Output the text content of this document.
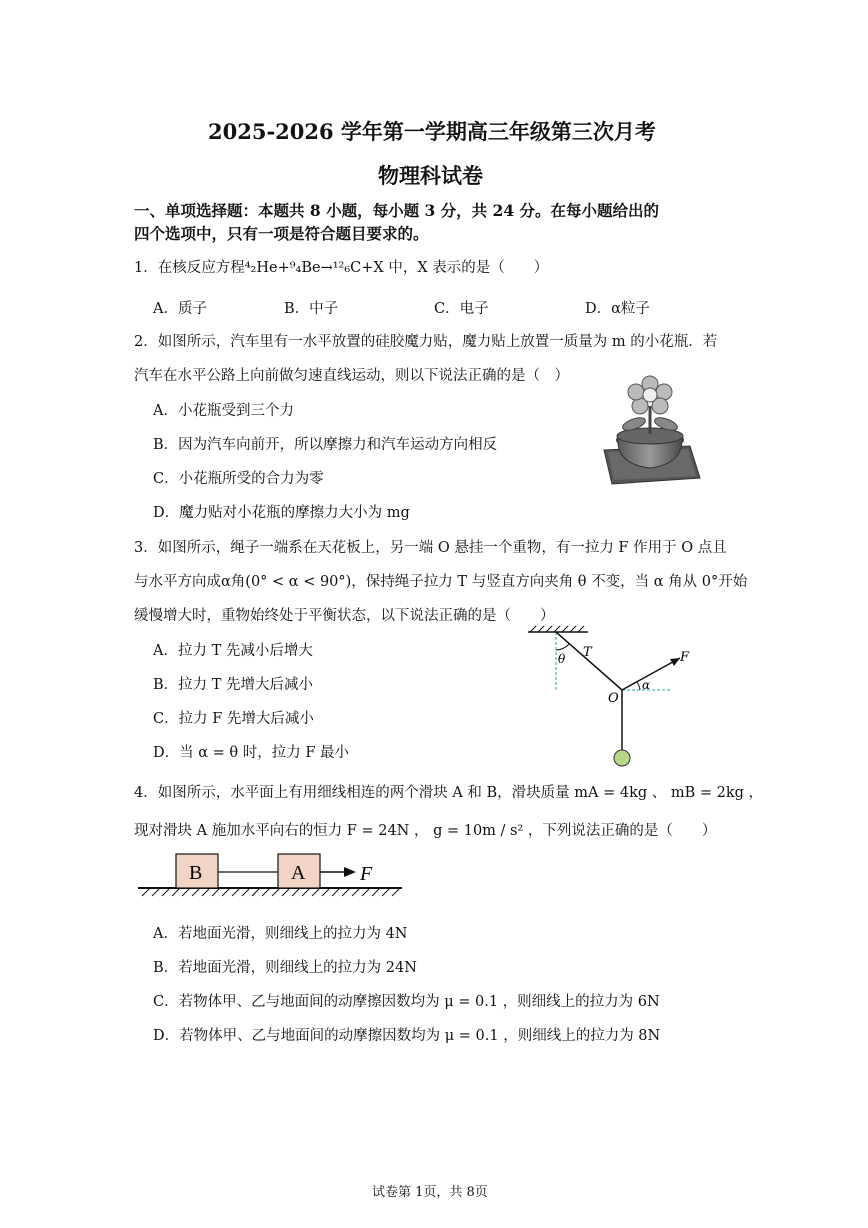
2025-2026 学年第一学期高三年级第三次月考
物理科试卷
一、单项选择题：本题共 8 小题，每小题 3 分，共 24 分。在每小题给出的
四个选项中，只有一项是符合题目要求的。
1．在核反应方程⁴₂He+⁹₄Be→¹²₆C+X 中，X 表示的是（　　）
A．质子	B．中子	C．电子	D．α粒子
2．如图所示，汽车里有一水平放置的硅胶魔力贴，魔力贴上放置一质量为 m 的小花瓶．若
汽车在水平公路上向前做匀速直线运动，则以下说法正确的是（　）
A．小花瓶受到三个力
B．因为汽车向前开，所以摩擦力和汽车运动方向相反
C．小花瓶所受的合力为零
D．魔力贴对小花瓶的摩擦力大小为 mg
3．如图所示，绳子一端系在天花板上，另一端 O 悬挂一个重物，有一拉力 F 作用于 O 点且
与水平方向成α角(0° < α < 90°)，保持绳子拉力 T 与竖直方向夹角 θ 不变，当 α 角从 0°开始
缓慢增大时，重物始终处于平衡状态，以下说法正确的是（　　）
A．拉力 T 先减小后增大
B．拉力 T 先增大后减小
C．拉力 F 先增大后减小
D．当 α = θ 时，拉力 F 最小
θ T	F
O
α
4．如图所示，水平面上有用细线相连的两个滑块 A 和 B，滑块质量 mA = 4kg 、 mB = 2kg ，
现对滑块 A 施加水平向右的恒力 F = 24N ， g = 10m / s² ，下列说法正确的是（　　）
B	A	F
A．若地面光滑，则细线上的拉力为 4N
B．若地面光滑，则细线上的拉力为 24N
C．若物体甲、乙与地面间的动摩擦因数均为 μ = 0.1 ，则细线上的拉力为 6N
D．若物体甲、乙与地面间的动摩擦因数均为 μ = 0.1 ，则细线上的拉力为 8N
试卷第 1页，共 8页
